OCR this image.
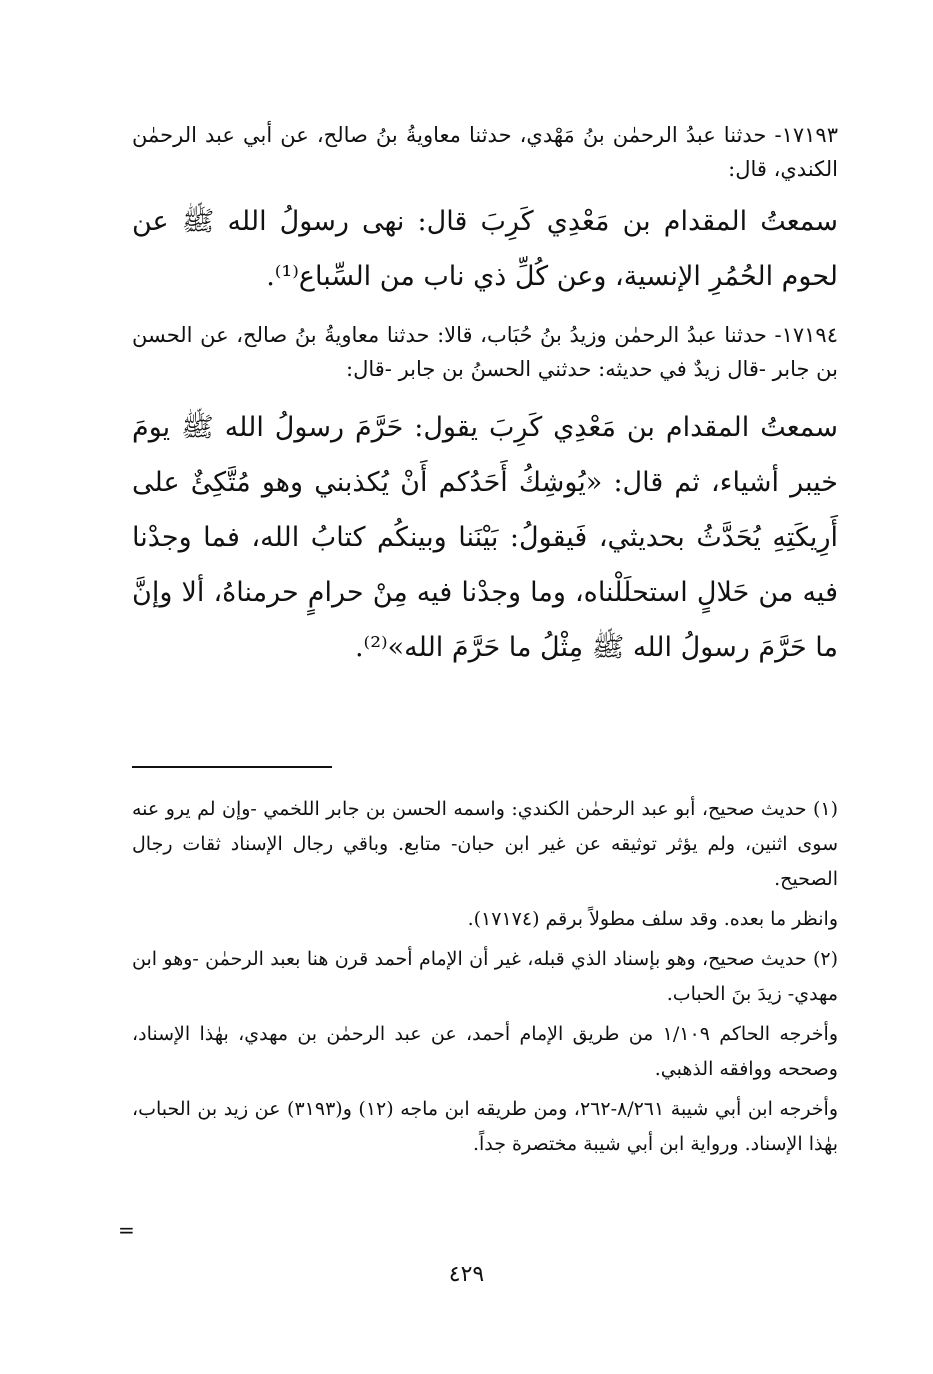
١٧١٩٣- حدثنا عبدُ الرحمٰن بنُ مَهْدي، حدثنا معاويةُ بنُ صالح، عن أبي عبد الرحمٰن الكندي، قال:

سمعتُ المقدام بن مَعْدِي كَرِبَ قال: نهى رسولُ الله ﷺ عن لحوم الحُمُرِ الإنسية، وعن كُلِّ ذي ناب من السِّباع⁽¹⁾.

١٧١٩٤- حدثنا عبدُ الرحمٰن وزيدُ بنُ حُبَاب، قالا: حدثنا معاويةُ بنُ صالح، عن الحسن بن جابر -قال زيدٌ في حديثه: حدثني الحسنُ بن جابر -قال:

سمعتُ المقدام بن مَعْدِي كَرِبَ يقول: حَرَّمَ رسولُ الله ﷺ يومَ خيبر أشياء، ثم قال: «يُوشِكُ أَحَدُكم أَنْ يُكذبني وهو مُتَّكِئٌ على أَرِيكَتِهِ يُحَدَّثُ بحديثي، فَيقولُ: بَيْنَنا وبينكُم كتابُ الله، فما وجدْنا فيه من حَلالٍ استحلَلْناه، وما وجدْنا فيه مِنْ حرامٍ حرمناهُ، ألا وإنَّ ما حَرَّمَ رسولُ الله ﷺ مِثْلُ ما حَرَّمَ الله»⁽²⁾.

(١) حديث صحيح، أبو عبد الرحمٰن الكندي: واسمه الحسن بن جابر اللخمي -وإن لم يرو عنه سوى اثنين، ولم يؤثر توثيقه عن غير ابن حبان- متابع. وباقي رجال الإسناد ثقات رجال الصحيح.

وانظر ما بعده. وقد سلف مطولاً برقم (١٧١٧٤).

(٢) حديث صحيح، وهو بإسناد الذي قبله، غير أن الإمام أحمد قرن هنا بعبد الرحمٰن -وهو ابن مهدي- زيدَ بنَ الحباب.

وأخرجه الحاكم ١/١٠٩ من طريق الإمام أحمد، عن عبد الرحمٰن بن مهدي، بهٰذا الإسناد، وصححه ووافقه الذهبي.

وأخرجه ابن أبي شيبة ٨/٢٦١-٢٦٢، ومن طريقه ابن ماجه (١٢) و(٣١٩٣) عن زيد بن الحباب، بهٰذا الإسناد. ورواية ابن أبي شيبة مختصرة جداً.

=
٤٢٩
